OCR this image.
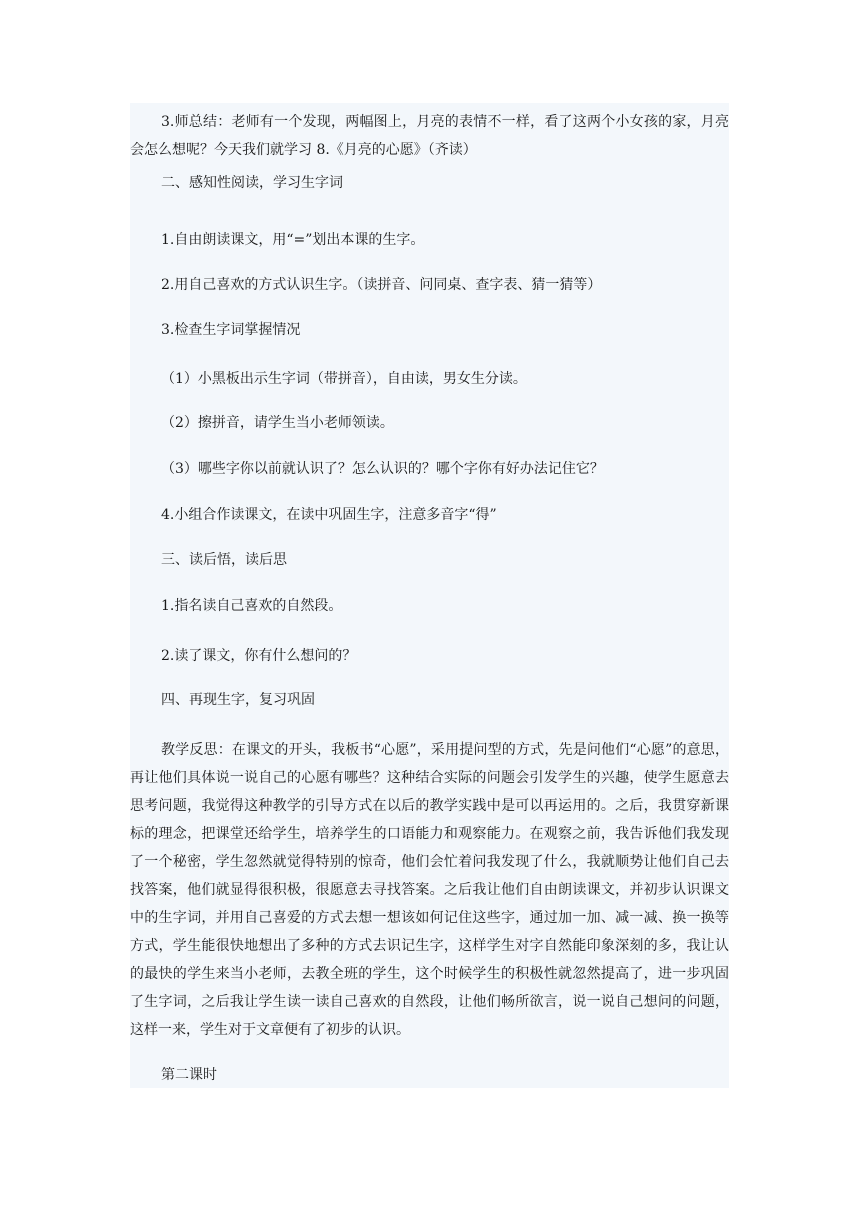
3.师总结：老师有一个发现，两幅图上，月亮的表情不一样，看了这两个小女孩的家，月亮会怎么想呢？今天我们就学习 8.《月亮的心愿》（齐读）

二、感知性阅读，学习生字词

1.自由朗读课文，用“=”划出本课的生字。

2.用自己喜欢的方式认识生字。（读拼音、问同桌、查字表、猜一猜等）

3.检查生字词掌握情况

（1）小黑板出示生字词（带拼音），自由读，男女生分读。

（2）擦拼音，请学生当小老师领读。

（3）哪些字你以前就认识了？怎么认识的？哪个字你有好办法记住它？

4.小组合作读课文，在读中巩固生字，注意多音字“得”

三、读后悟，读后思

1.指名读自己喜欢的自然段。

2.读了课文，你有什么想问的？

四、再现生字，复习巩固

教学反思：在课文的开头，我板书“心愿”，采用提问型的方式，先是问他们“心愿”的意思，再让他们具体说一说自己的心愿有哪些？这种结合实际的问题会引发学生的兴趣，使学生愿意去思考问题，我觉得这种教学的引导方式在以后的教学实践中是可以再运用的。之后，我贯穿新课标的理念，把课堂还给学生，培养学生的口语能力和观察能力。在观察之前，我告诉他们我发现了一个秘密，学生忽然就觉得特别的惊奇，他们会忙着问我发现了什么，我就顺势让他们自己去找答案，他们就显得很积极，很愿意去寻找答案。之后我让他们自由朗读课文，并初步认识课文中的生字词，并用自己喜爱的方式去想一想该如何记住这些字，通过加一加、减一减、换一换等方式，学生能很快地想出了多种的方式去识记生字，这样学生对字自然能印象深刻的多，我让认的最快的学生来当小老师，去教全班的学生，这个时候学生的积极性就忽然提高了，进一步巩固了生字词，之后我让学生读一读自己喜欢的自然段，让他们畅所欲言，说一说自己想问的问题，这样一来，学生对于文章便有了初步的认识。

第二课时
